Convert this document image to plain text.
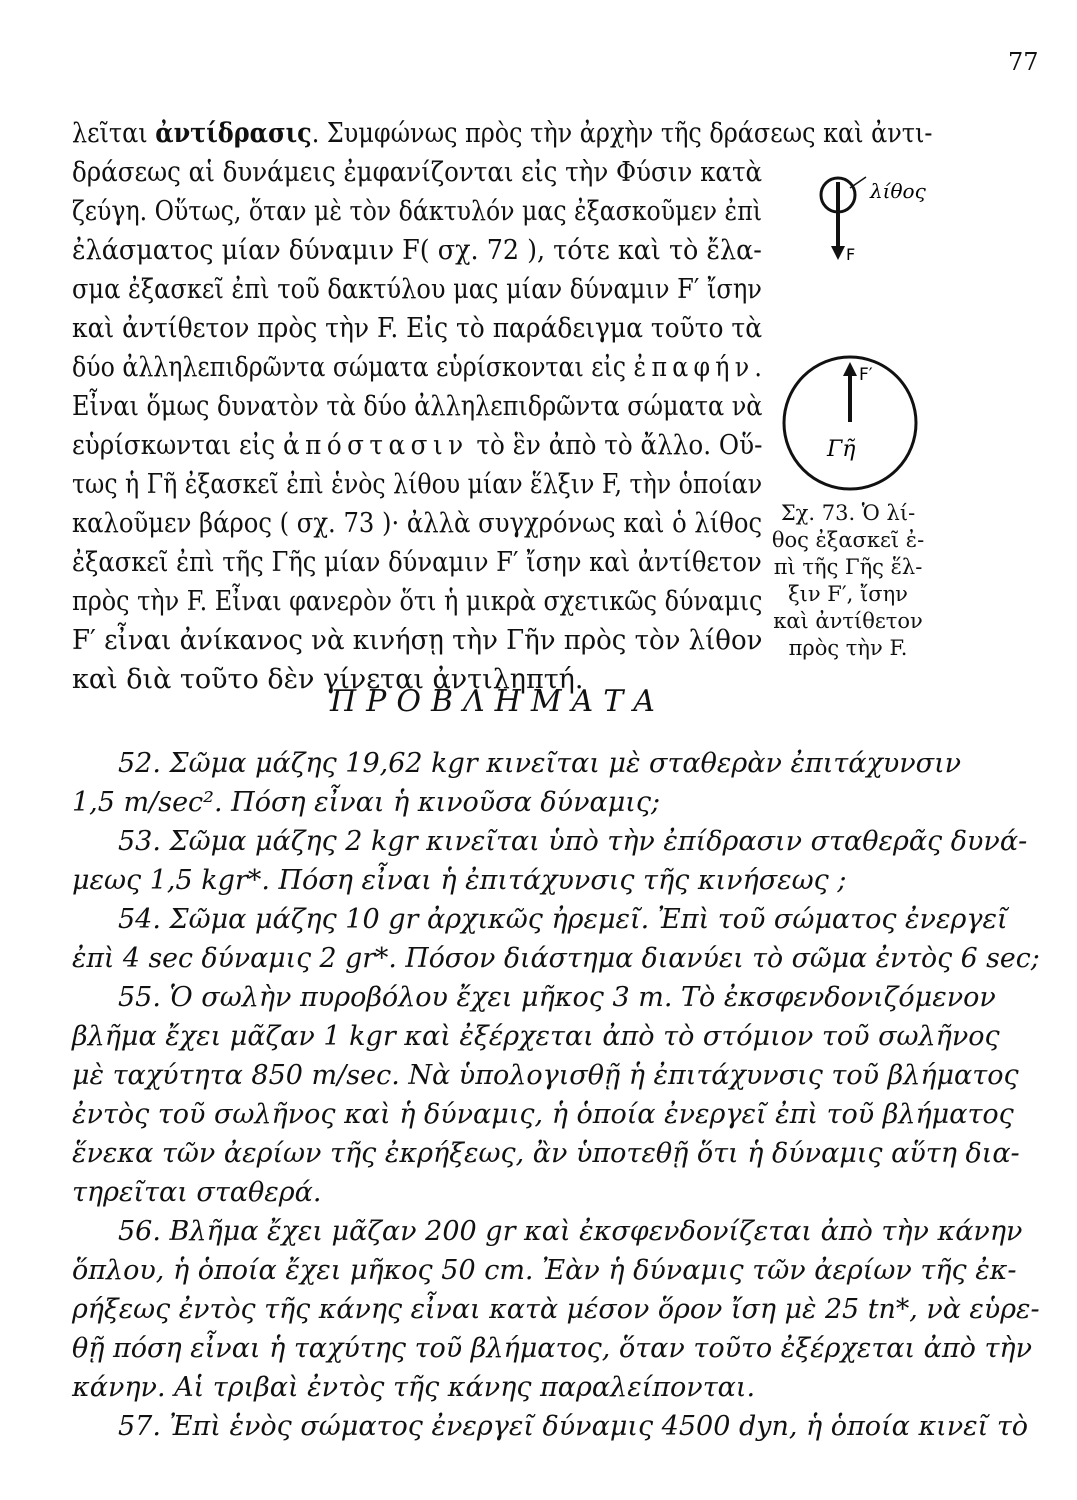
77
λεῖται ἀντίδρασις. Συμφώνως πρὸς τὴν ἀρχὴν τῆς δράσεως καὶ ἀντι-
δράσεως αἱ δυνάμεις ἐμφανίζονται εἰς τὴν Φύσιν κατὰ
ζεύγη. Οὕτως, ὅταν μὲ τὸν δάκτυλόν μας ἐξασκοῦμεν ἐπὶ
ἐλάσματος μίαν δύναμιν F( σχ. 72 ), τότε καὶ τὸ ἔλα-
σμα ἐξασκεῖ ἐπὶ τοῦ δακτύλου μας μίαν δύναμιν F′ ἴσην
καὶ ἀντίθετον πρὸς τὴν F. Εἰς τὸ παράδειγμα τοῦτο τὰ
δύο ἀλληλεπιδρῶντα σώματα εὑρίσκονται εἰς ἐπαφήν.
Εἶναι ὅμως δυνατὸν τὰ δύο ἀλληλεπιδρῶντα σώματα νὰ
εὑρίσκωνται εἰς ἀπόστασιν τὸ ἓν ἀπὸ τὸ ἄλλο. Οὕ-
τως ἡ Γῆ ἐξασκεῖ ἐπὶ ἑνὸς λίθου μίαν ἕλξιν F, τὴν ὁποίαν
καλοῦμεν βάρος ( σχ. 73 )· ἀλλὰ συγχρόνως καὶ ὁ λίθος
ἐξασκεῖ ἐπὶ τῆς Γῆς μίαν δύναμιν F′ ἴσην καὶ ἀντίθετον
πρὸς τὴν F. Εἶναι φανερὸν ὅτι ἡ μικρὰ σχετικῶς δύναμις
F′ εἶναι ἀνίκανος νὰ κινήσῃ τὴν Γῆν πρὸς τὸν λίθον
καὶ διὰ τοῦτο δὲν γίνεται ἀντιληπτή.
λίθος
F
F′
Γῆ
Σχ. 73. Ὁ λί-
θος ἐξασκεῖ ἐ-
πὶ τῆς Γῆς ἕλ-
ξιν F′, ἴσην
καὶ ἀντίθετον
πρὸς τὴν F.
ΠΡΟΒΛΗΜΑΤΑ
52. Σῶμα μάζης 19,62 kgr κινεῖται μὲ σταθερὰν ἐπιτάχυνσιν
1,5 m/sec². Πόση εἶναι ἡ κινοῦσα δύναμις;
53. Σῶμα μάζης 2 kgr κινεῖται ὑπὸ τὴν ἐπίδρασιν σταθερᾶς δυνά-
μεως 1,5 kgr*. Πόση εἶναι ἡ ἐπιτάχυνσις τῆς κινήσεως ;
54. Σῶμα μάζης 10 gr ἀρχικῶς ἠρεμεῖ. Ἐπὶ τοῦ σώματος ἐνεργεῖ
ἐπὶ 4 sec δύναμις 2 gr*. Πόσον διάστημα διανύει τὸ σῶμα ἐντὸς 6 sec;
55. Ὁ σωλὴν πυροβόλου ἔχει μῆκος 3 m. Τὸ ἐκσφενδονιζόμενον
βλῆμα ἔχει μᾶζαν 1 kgr καὶ ἐξέρχεται ἀπὸ τὸ στόμιον τοῦ σωλῆνος
μὲ ταχύτητα 850 m/sec. Νὰ ὑπολογισθῇ ἡ ἐπιτάχυνσις τοῦ βλήματος
ἐντὸς τοῦ σωλῆνος καὶ ἡ δύναμις, ἡ ὁποία ἐνεργεῖ ἐπὶ τοῦ βλήματος
ἕνεκα τῶν ἀερίων τῆς ἐκρήξεως, ἂν ὑποτεθῇ ὅτι ἡ δύναμις αὕτη δια-
τηρεῖται σταθερά.
56. Βλῆμα ἔχει μᾶζαν 200 gr καὶ ἐκσφενδονίζεται ἀπὸ τὴν κάνην
ὅπλου, ἡ ὁποία ἔχει μῆκος 50 cm. Ἐὰν ἡ δύναμις τῶν ἀερίων τῆς ἐκ-
ρήξεως ἐντὸς τῆς κάνης εἶναι κατὰ μέσον ὅρον ἴση μὲ 25 tn*, νὰ εὑρε-
θῇ πόση εἶναι ἡ ταχύτης τοῦ βλήματος, ὅταν τοῦτο ἐξέρχεται ἀπὸ τὴν
κάνην. Αἱ τριβαὶ ἐντὸς τῆς κάνης παραλείπονται.
57. Ἐπὶ ἑνὸς σώματος ἐνεργεῖ δύναμις 4500 dyn, ἡ ὁποία κινεῖ τὸ
